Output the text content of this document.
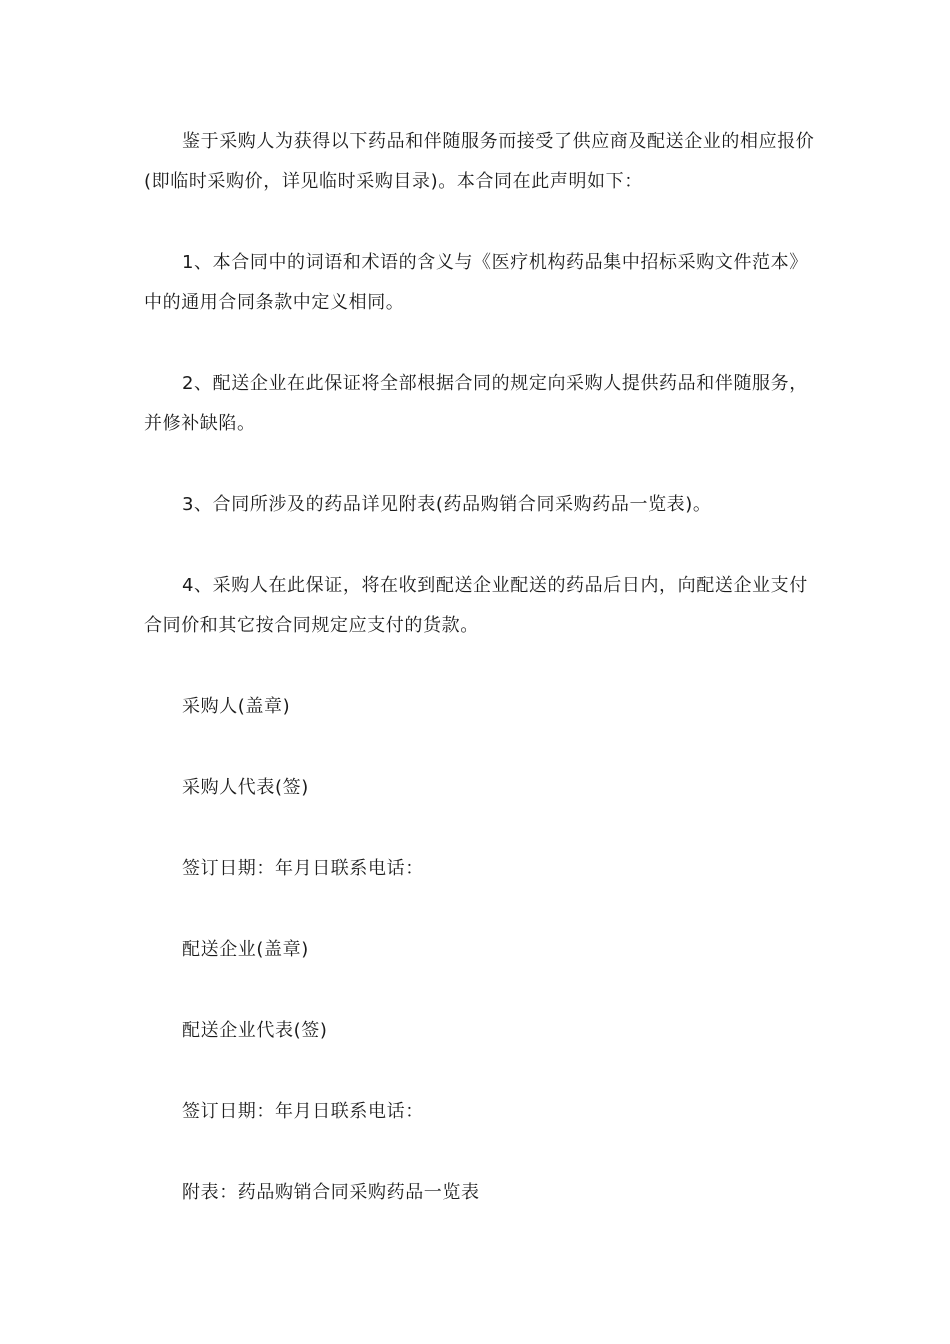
鉴于采购人为获得以下药品和伴随服务而接受了供应商及配送企业的相应报价(即临时采购价，详见临时采购目录)。本合同在此声明如下：

1、本合同中的词语和术语的含义与《医疗机构药品集中招标采购文件范本》中的通用合同条款中定义相同。

2、配送企业在此保证将全部根据合同的规定向采购人提供药品和伴随服务，并修补缺陷。

3、合同所涉及的药品详见附表(药品购销合同采购药品一览表)。

4、采购人在此保证，将在收到配送企业配送的药品后日内，向配送企业支付合同价和其它按合同规定应支付的货款。

采购人(盖章)

采购人代表(签)

签订日期：年月日联系电话：

配送企业(盖章)

配送企业代表(签)

签订日期：年月日联系电话：

附表：药品购销合同采购药品一览表
